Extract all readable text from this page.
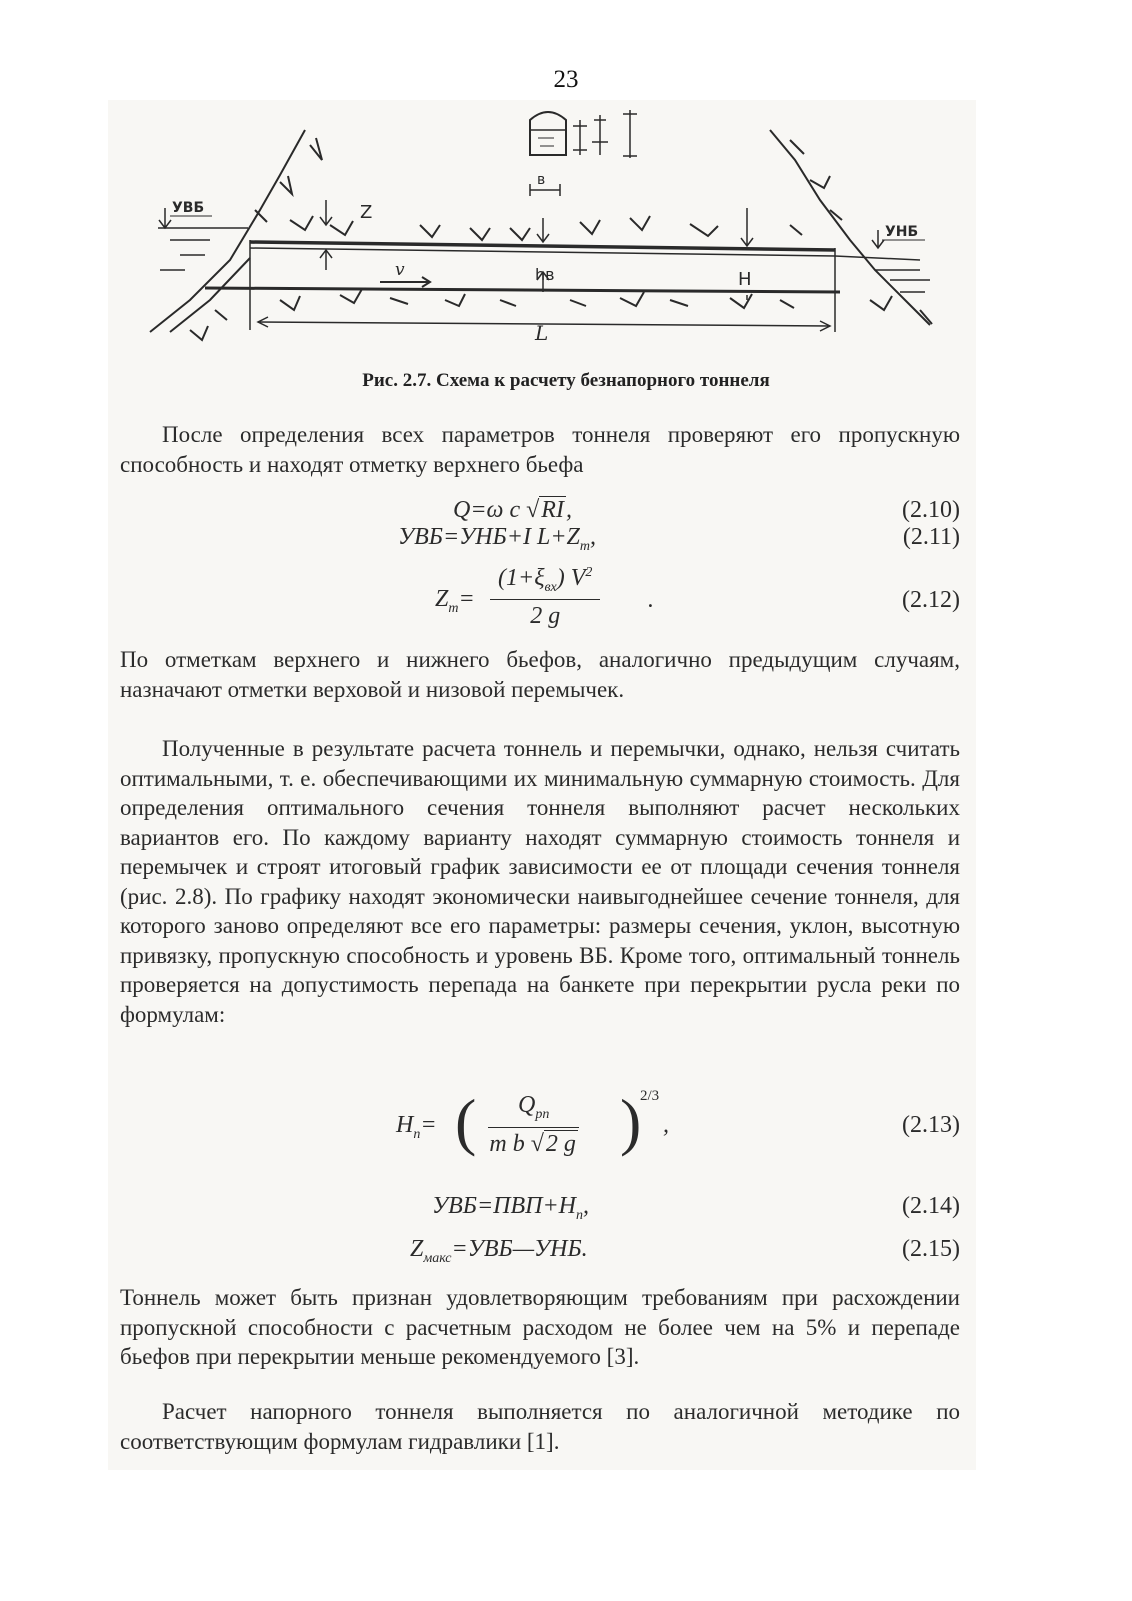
23
УВБ
УНБ
Z
v	hв	H
L
в
Рис. 2.7. Схема к расчету безнапорного тоннеля
После определения всех параметров тоннеля проверяют его пропускную способность и находят отметку верхнего бьефа
Q=ω c √RI,	(2.10)
УВБ=УНБ+I $L+Z_т$,	(2.11)
$Z_т=$
$(1+\xi_{вх})$ $V^2$
2 g
.	(2.12)
По отметкам верхнего и нижнего бьефов, аналогично предыдущим случаям, назначают отметки верховой и низовой перемычек.
Полученные в результате расчета тоннель и перемычки, однако, нельзя считать оптимальными, т. е. обеспечивающими их минимальную суммарную стоимость. Для определения оптимального сечения тоннеля выполняют расчет нескольких вариантов его. По каждому варианту находят суммарную стоимость тоннеля и перемычек и строят итоговый график зависимости ее от площади сечения тоннеля (рис. 2.8). По графику находят экономически наивыгоднейшее сечение тоннеля, для которого заново определяют все его параметры: размеры сечения, уклон, высотную привязку, пропускную способность и уровень ВБ. Кроме того, оптимальный тоннель проверяется на допустимость перепада на банкете при перекрытии русла реки по формулам:
$H_п=$ (	$Q_{рп}$
m b √2 g )
2/3
,	(2.13)
$УВБ=ПВП+H_п$,	(2.14)
$Z_{макс}=УВБ—УНБ$.	(2.15)
Тоннель может быть признан удовлетворяющим требованиям при расхождении пропускной способности с расчетным расходом не более чем на 5% и перепаде бьефов при перекрытии меньше рекомендуемого [3].
Расчет напорного тоннеля выполняется по аналогичной методике по соответствующим формулам гидравлики [1].
